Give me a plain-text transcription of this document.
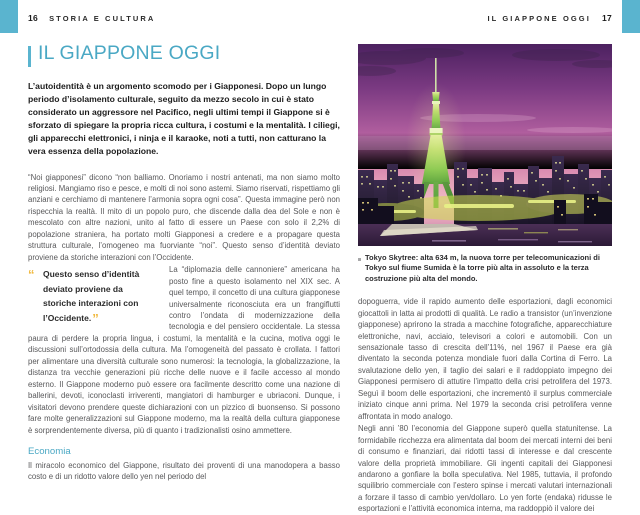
16 STORIA E CULTURA	IL GIAPPONE OGGI 17
IL GIAPPONE OGGI

L’autoidentità è un argomento scomodo per i Giapponesi. Dopo un lungo periodo d’isolamento culturale, seguito da mezzo secolo in cui è stato considerato un aggressore nel Pacifico, negli ultimi tempi il Giappone si è sforzato di spiegare la propria ricca cultura, i costumi e la mentalità. I ciliegi, gli apparecchi elettronici, i ninja e il karaoke, noti a tutti, non catturano la vera essenza della popolazione.

“Noi giapponesi” dicono “non balliamo. Onoriamo i nostri antenati, ma non siamo molto religiosi. Mangiamo riso e pesce, e molti di noi sono astemi. Siamo riservati, rispettiamo gli anziani e cerchiamo di mantenere l’armonia sopra ogni cosa”. Questa immagine però non rispecchia la realtà. Il mito di un popolo puro, che discende dalla dea del Sole e non è mescolato con altre nazioni, unito al fatto di essere un Paese con solo il 2,2% di popolazione straniera, ha portato molti Giapponesi a credere e a propagare questa struttura culturale, l’omogeneo ma fuorviante “noi”. Questo senso d’identità deviato proviene da storiche interazioni con l’Occidente.

“	Questo senso d’identità deviato proviene da storiche interazioni con l’Occidente.”

La “diplomazia delle cannoniere” americana ha posto fine a questo isolamento nel XIX sec. A quel tempo, il concetto di una cultura giapponese universalmente riconosciuta era un frangiflutti contro l’ondata di modernizzazione della tecnologia e del pensiero occidentale. La stessa paura di perdere la propria lingua, i costumi, la mentalità e la cucina, motiva oggi le discussioni sull’ortodossia della cultura. Ma l’omogeneità del passato è crollata. I fattori per alimentare una diversità culturale sono numerosi: la tecnologia, la globalizzazione, la distanza tra vecchie generazioni più ricche delle nuove e il facile accesso al mondo esterno. Il Giappone moderno può essere ora facilmente descritto come una nazione di ballerini, devoti, iconoclasti irriverenti, mangiatori di hamburger e ubriaconi. Dunque, i visitatori devono prendere queste dichiarazioni con un pizzico di buonsenso. Si possono fare molte generalizzazioni sul Giappone moderno, ma la realtà della cultura giapponese è sorprendentemente diversa, più di quanto i tradizionalisti osino ammettere.

Economia

Il miracolo economico del Giappone, risultato dei proventi di una manodopera a basso costo e di un ridotto valore dello yen nel periodo del

Tokyo Skytree: alta 634 m, la nuova torre per telecomunicazioni di Tokyo sul fiume Sumida è la torre più alta in assoluto e la terza costruzione più alta del mondo.

dopoguerra, vide il rapido aumento delle esportazioni, dagli economici giocattoli in latta ai prodotti di qualità. Le radio a transistor (un’invenzione giapponese) aprirono la strada a macchine fotografiche, apparecchiature elettroniche, navi, acciaio, televisori a colori e automobili. Con un sensazionale tasso di crescita dell’11%, nel 1967 il Paese era già diventato la seconda potenza mondiale fuori dalla Cortina di Ferro. La svalutazione dello yen, il taglio dei salari e il raddoppiato impegno dei Giapponesi permisero di attutire l’impatto della crisi petrolifera del 1973. Seguì il boom delle esportazioni, che incrementò il surplus commerciale iniziato cinque anni prima. Nel 1979 la seconda crisi petrolifera venne affrontata in modo analogo.

Negli anni ’80 l’economia del Giappone superò quella statunitense. La formidabile ricchezza era alimentata dal boom dei mercati interni dei beni di consumo e finanziari, dai ridotti tassi di interesse e dal crescente valore della proprietà immobiliare. Gli ingenti capitali dei Giapponesi andarono a gonfiare la bolla speculativa. Nel 1985, tuttavia, il profondo squilibrio commerciale con l’estero spinse i mercati valutari internazionali a forzare il tasso di cambio yen/dollaro. Lo yen forte (endaka) ridusse le esportazioni e l’attività economica interna, ma raddoppiò il valore dei
